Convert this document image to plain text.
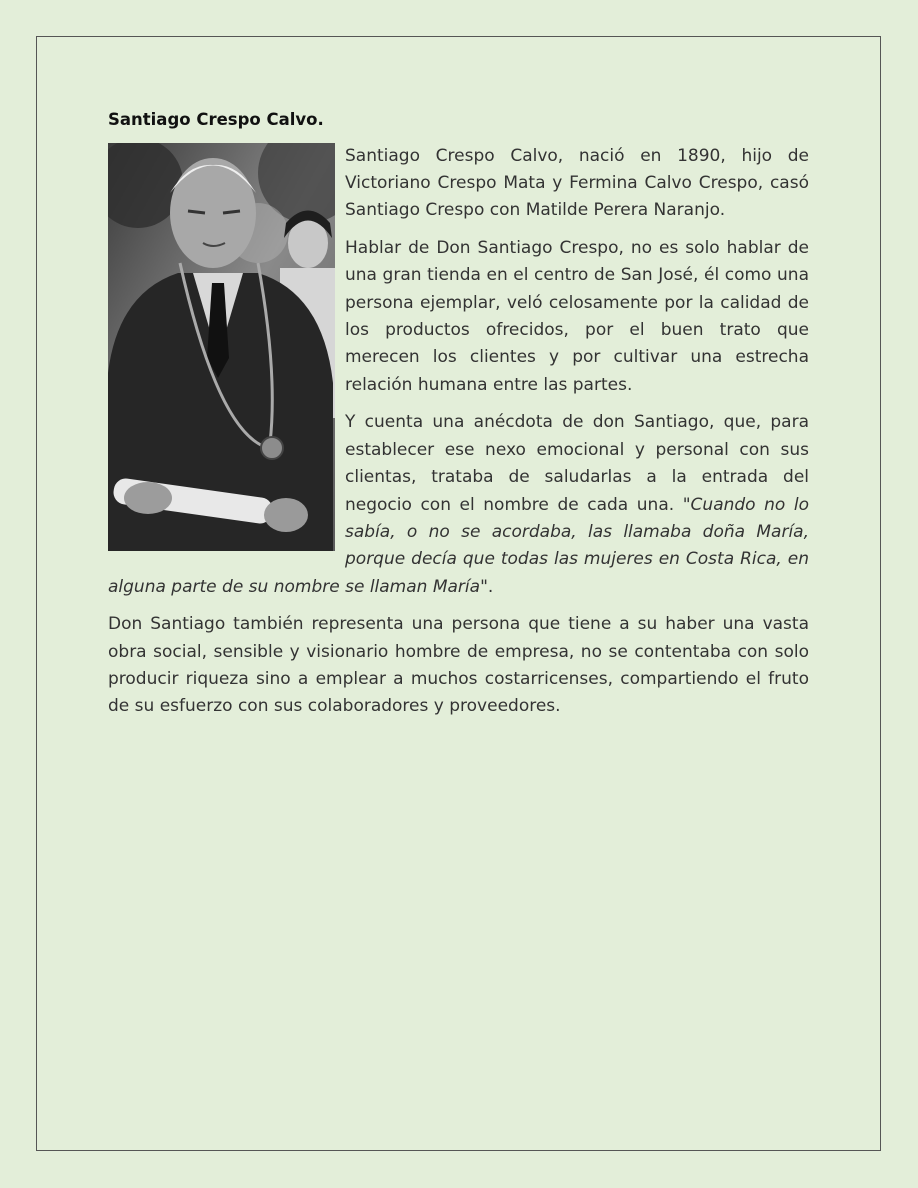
Santiago Crespo Calvo.

Santiago Crespo Calvo, nació en 1890, hijo de Victoriano Crespo Mata y Fermina Calvo Crespo, casó Santiago Crespo con Matilde Perera Naranjo.

Hablar de Don Santiago Crespo, no es solo hablar de una gran tienda en el centro de San José, él como una persona ejemplar, veló celosamente por la calidad de los productos ofrecidos, por el buen trato que merecen los clientes y por cultivar una estrecha relación humana entre las partes.

Y cuenta una anécdota de don Santiago, que, para establecer ese nexo emocional y personal con sus clientas, trataba de saludarlas a la entrada del negocio con el nombre de cada una. "Cuando no lo sabía, o no se acordaba, las llamaba doña María, porque decía que todas las mujeres en Costa Rica, en alguna parte de su nombre se llaman María".

Don Santiago también representa una persona que tiene a su haber una vasta obra social, sensible y visionario hombre de empresa, no se contentaba con solo producir riqueza sino a emplear a muchos costarricenses, compartiendo el fruto de su esfuerzo con sus colaboradores y proveedores.
